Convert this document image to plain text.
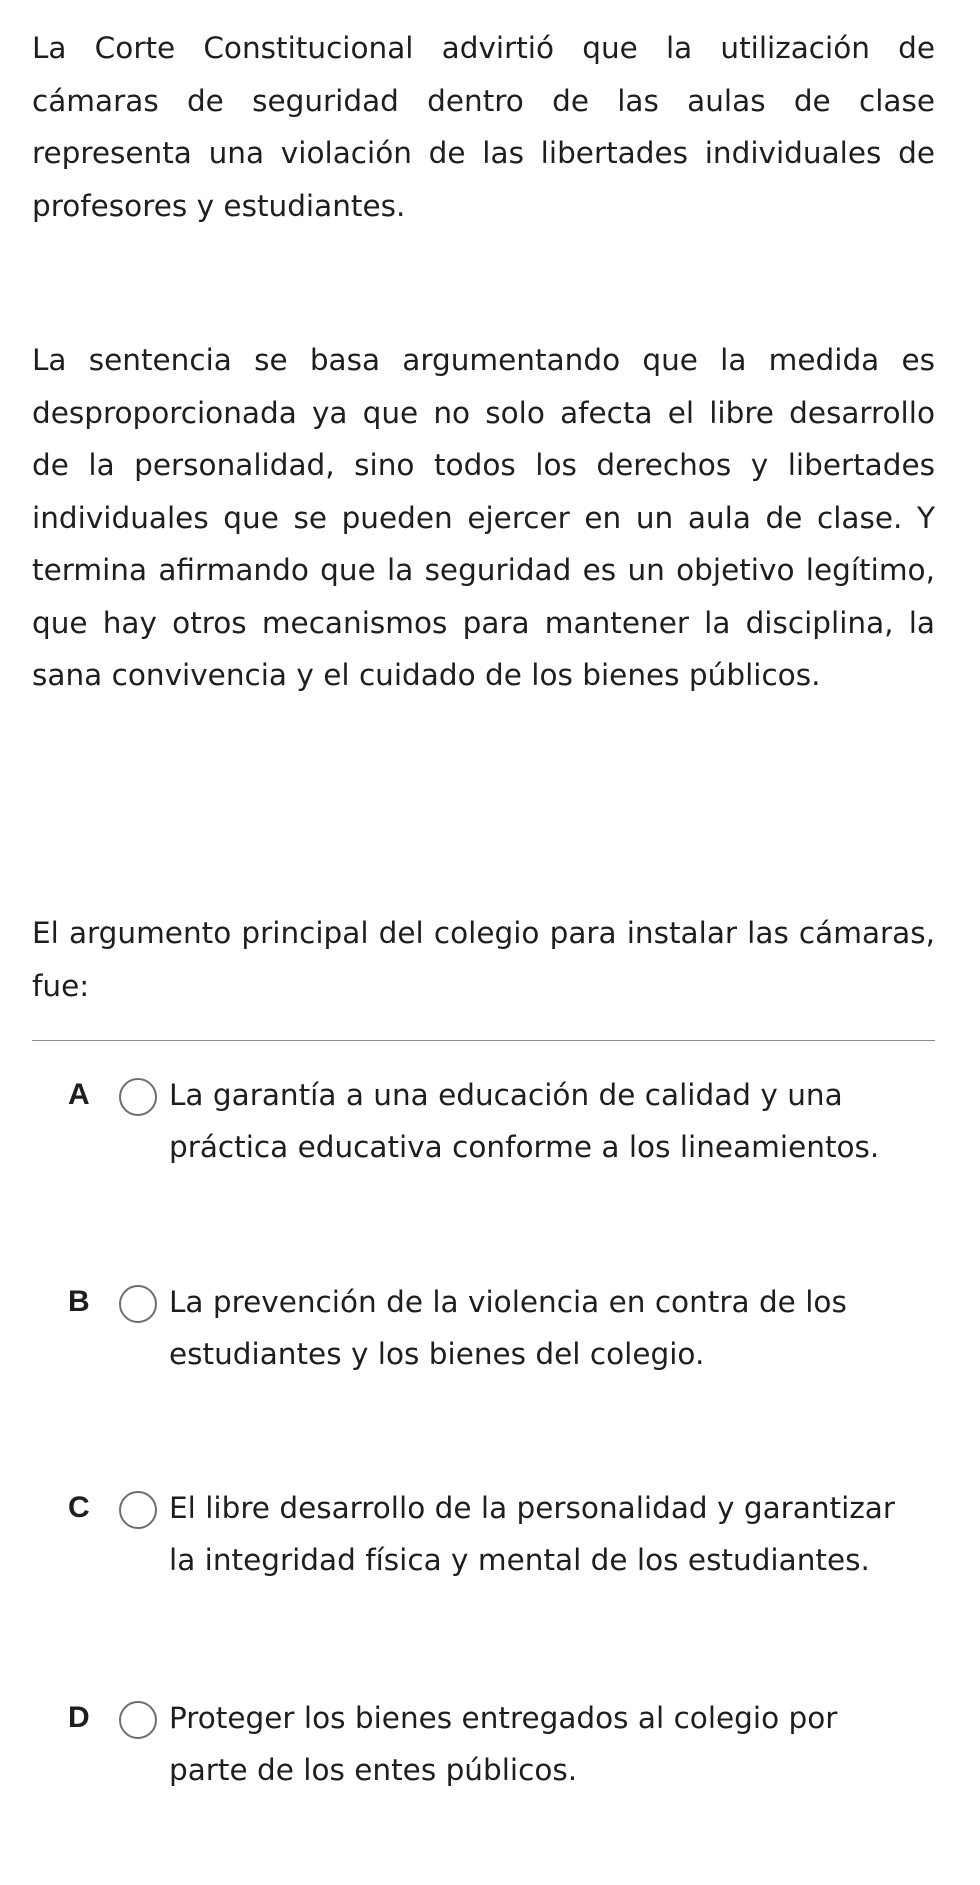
La Corte Constitucional advirtió que la utilización de cámaras de seguridad dentro de las aulas de clase representa una violación de las libertades individuales de profesores y estudiantes.

La sentencia se basa argumentando que la medida es desproporcionada ya que no solo afecta el libre desarrollo de la personalidad, sino todos los derechos y libertades individuales que se pueden ejercer en un aula de clase. Y termina afirmando que la seguridad es un objetivo legítimo, que hay otros mecanismos para mantener la disciplina, la sana convivencia y el cuidado de los bienes públicos.

El argumento principal del colegio para instalar las cámaras, fue:

A	La garantía a una educación de calidad y una práctica educativa conforme a los lineamientos.

B	La prevención de la violencia en contra de los estudiantes y los bienes del colegio.

C	El libre desarrollo de la personalidad y garantizar la integridad física y mental de los estudiantes.

D	Proteger los bienes entregados al colegio por parte de los entes públicos.
